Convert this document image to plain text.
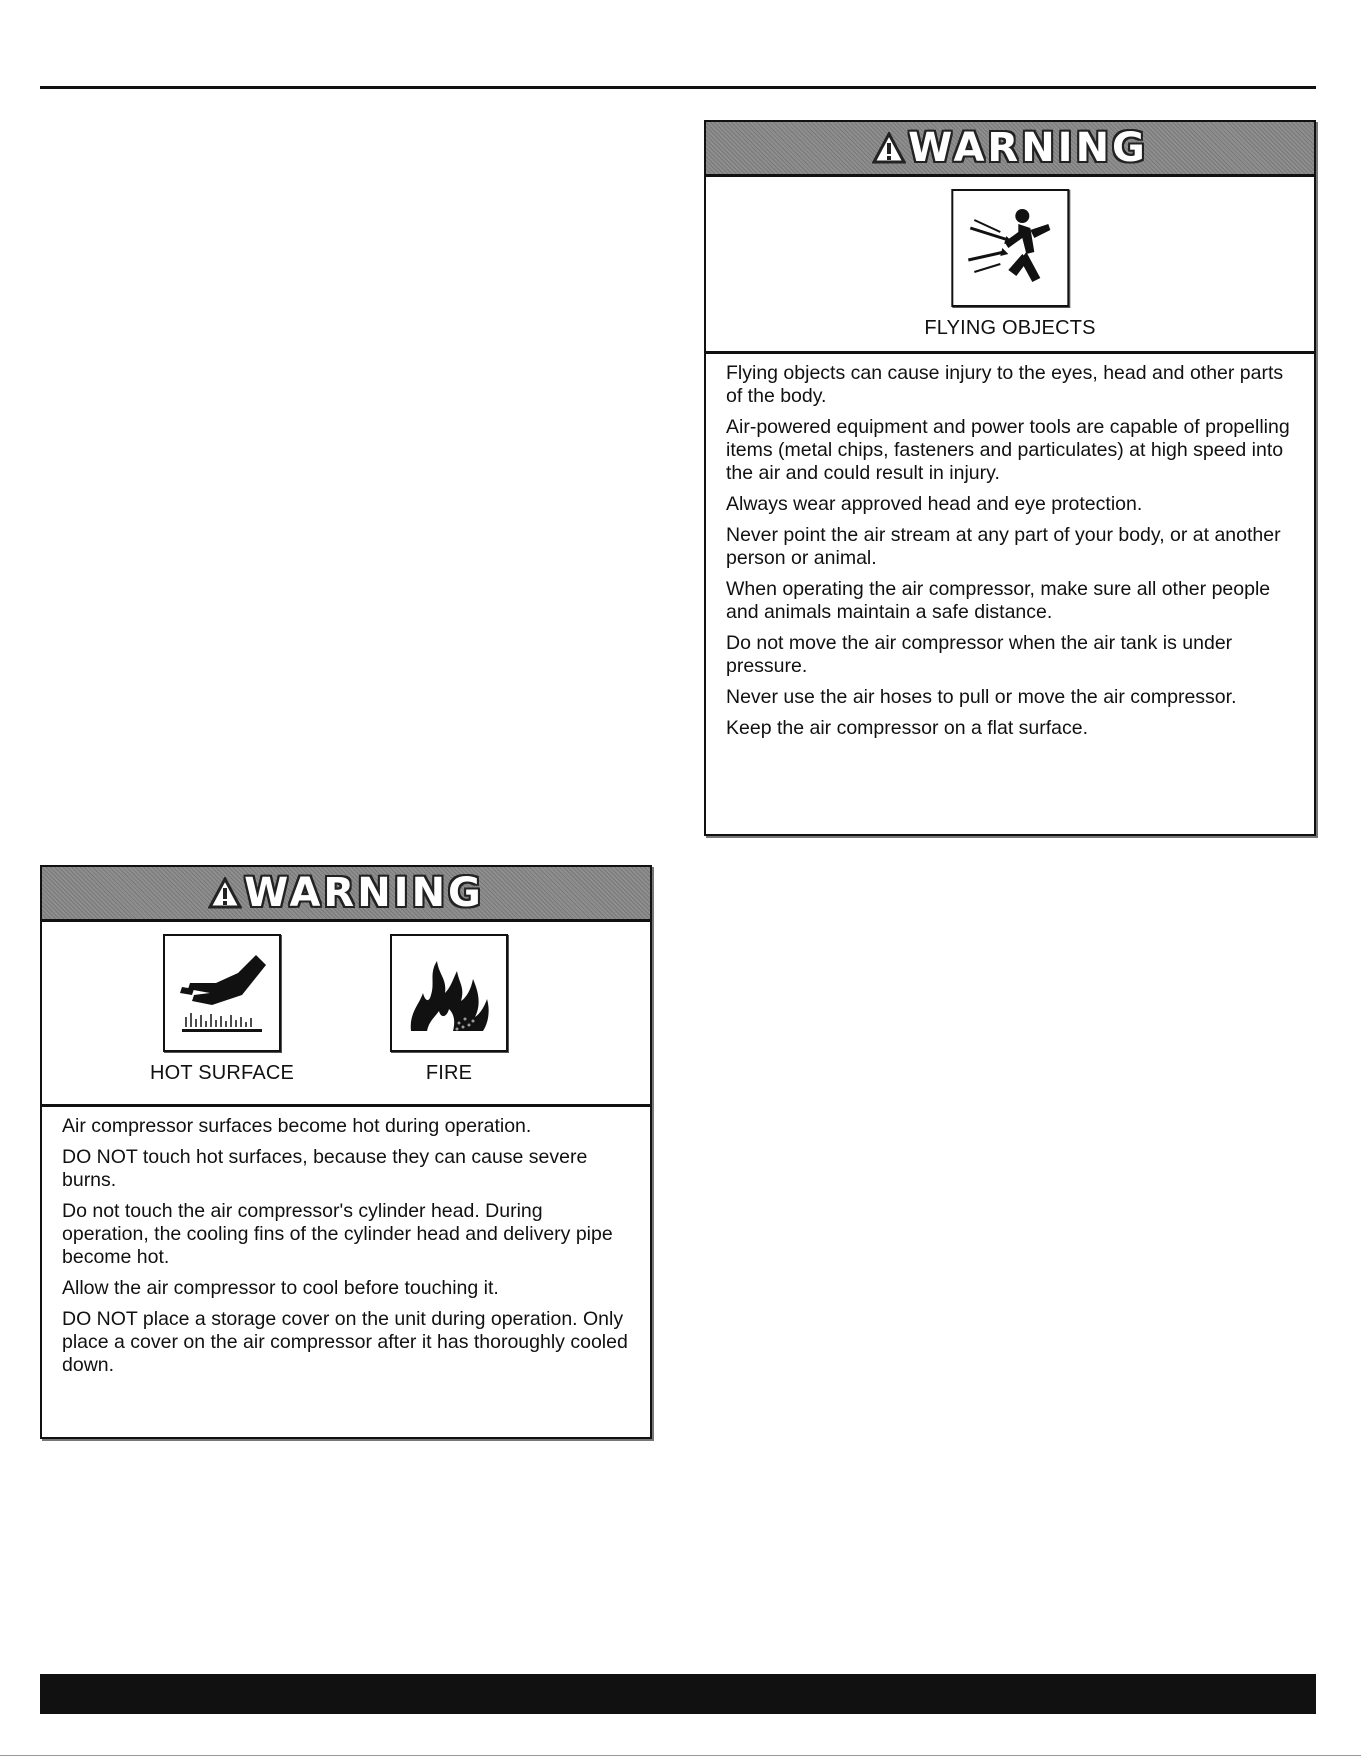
WARNING
FLYING OBJECTS

Flying objects can cause injury to the eyes, head and other parts of the body.

Air-powered equipment and power tools are capable of propelling items (metal chips, fasteners and particulates) at high speed into the air and could result in injury.

Always wear approved head and eye protection.

Never point the air stream at any part of your body, or at another person or animal.

When operating the air compressor, make sure all other people and animals maintain a safe distance.

Do not move the air compressor when the air tank is under pressure.

Never use the air hoses to pull or move the air compressor.

Keep the air compressor on a flat surface.

WARNING
HOT SURFACE	FIRE

Air compressor surfaces become hot during operation.

DO NOT touch hot surfaces, because they can cause severe burns.

Do not touch the air compressor's cylinder head. During operation, the cooling fins of the cylinder head and delivery pipe become hot.

Allow the air compressor to cool before touching it.

DO NOT place a storage cover on the unit during operation. Only place a cover on the air compressor after it has thoroughly cooled down.
